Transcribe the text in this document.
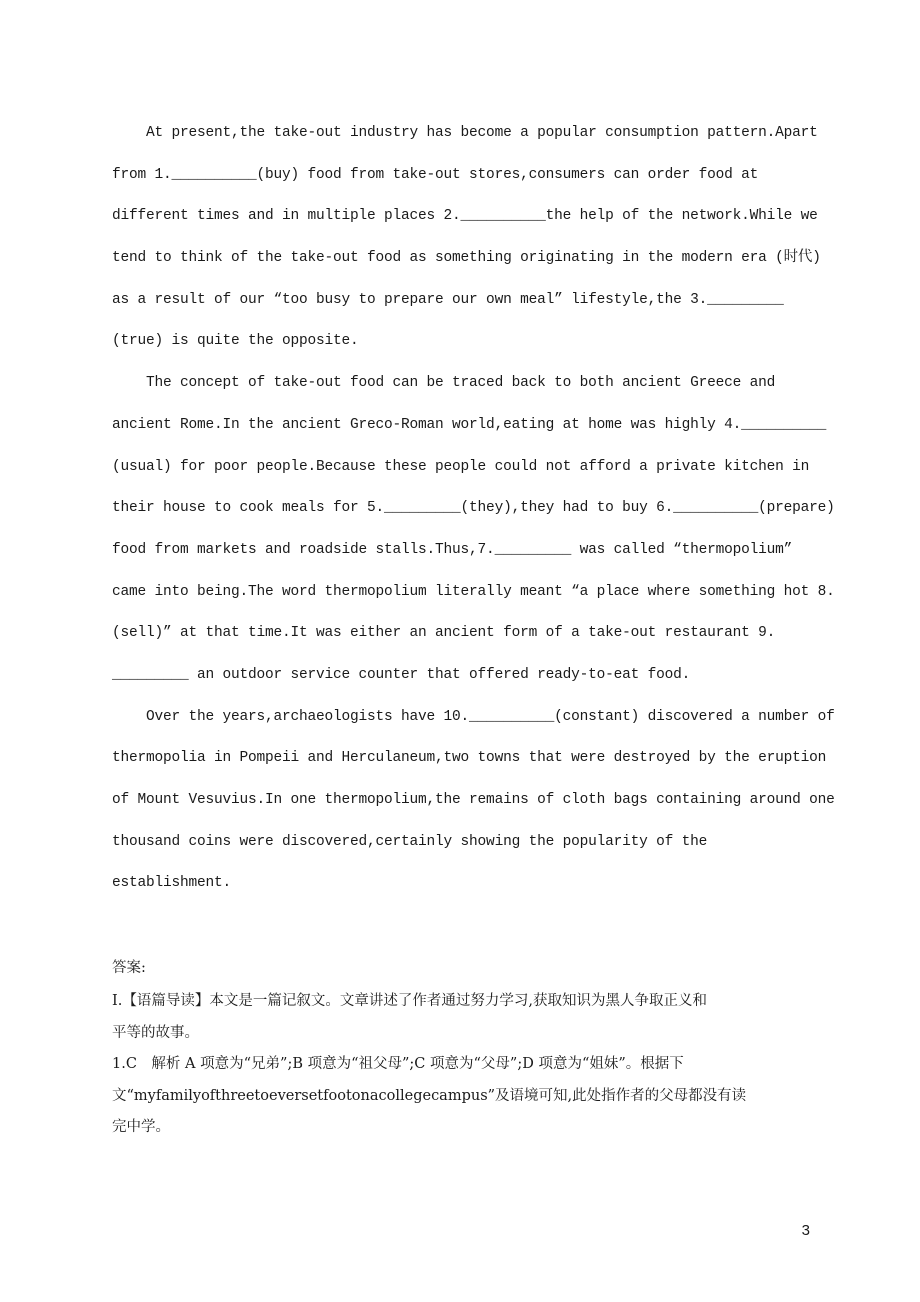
At present,the take-out industry has become a popular consumption pattern.Apart
from 1.__________(buy) food from take-out stores,consumers can order food at
different times and in multiple places 2.__________the help of the network.While we
tend to think of the take-out food as something originating in the modern era (时代)
as a result of our “too busy to prepare our own meal” lifestyle,the 3._________
(true) is quite the opposite.
The concept of take-out food can be traced back to both ancient Greece and
ancient Rome.In the ancient Greco-Roman world,eating at home was highly 4.__________
(usual) for poor people.Because these people could not afford a private kitchen in
their house to cook meals for 5._________(they),they had to buy 6.__________(prepare)
food from markets and roadside stalls.Thus,7._________ was called “thermopolium”
came into being.The word thermopolium literally meant “a place where something hot 8.
(sell)” at that time.It was either an ancient form of a take-out restaurant 9.
_________ an outdoor service counter that offered ready-to-eat food.
Over the years,archaeologists have 10.__________(constant) discovered a number of
thermopolia in Pompeii and Herculaneum,two towns that were destroyed by the eruption
of Mount Vesuvius.In one thermopolium,the remains of cloth bags containing around one
thousand coins were discovered,certainly showing the popularity of the
establishment.
答案:
Ⅰ.【语篇导读】本文是一篇记叙文。文章讲述了作者通过努力学习,获取知识为黑人争取正义和
平等的故事。
1.C　解析 A 项意为“兄弟”;B 项意为“祖父母”;C 项意为“父母”;D 项意为“姐妹”。根据下
文“myfamilyofthreetoeversetfootonacollegecampus”及语境可知,此处指作者的父母都没有读
完中学。
3
